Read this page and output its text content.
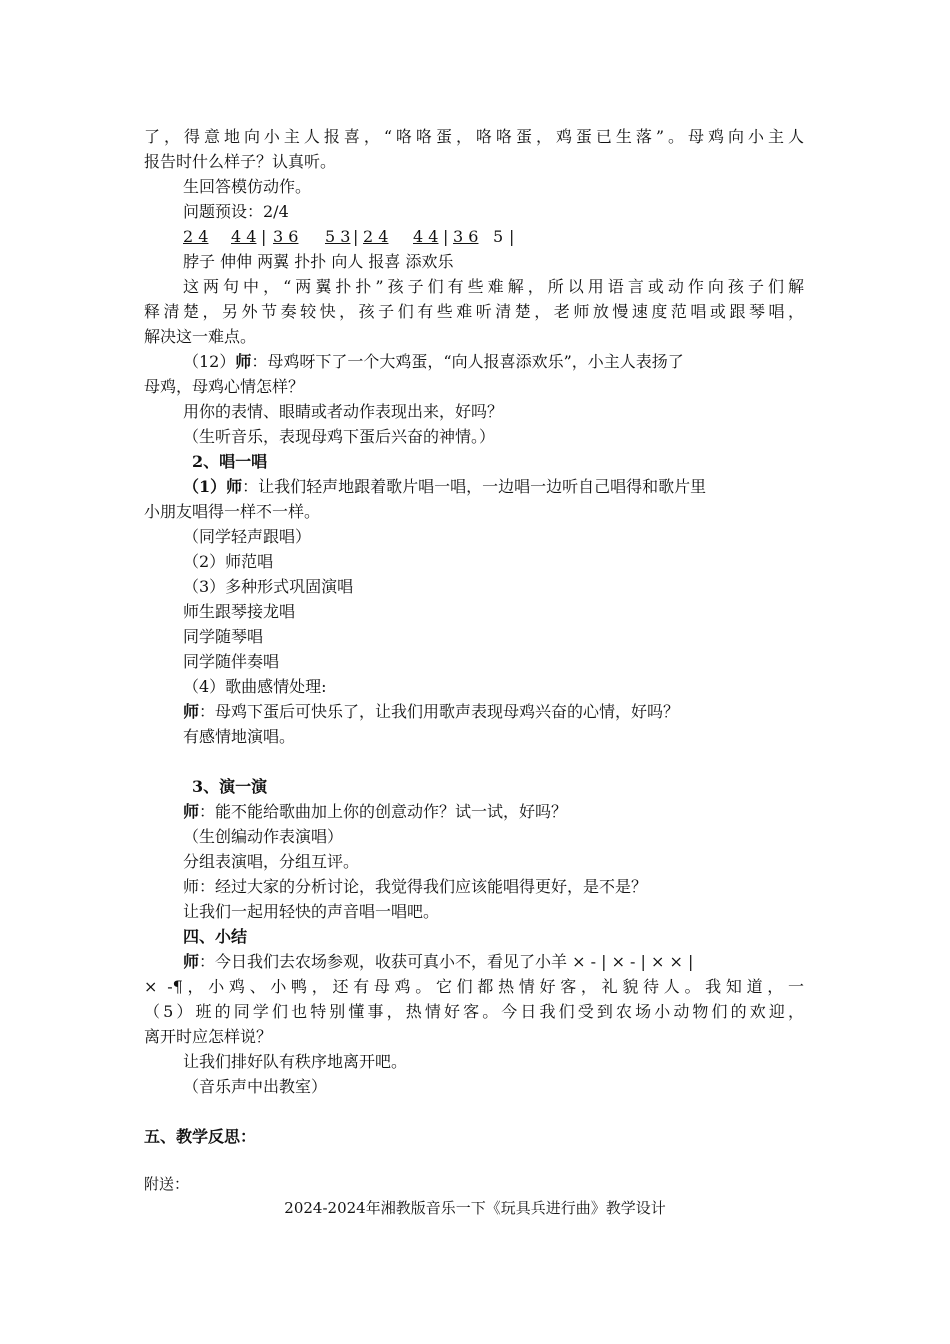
了，得意地向小主人报喜，“咯咯蛋，咯咯蛋，鸡蛋已生落”。母鸡向小主人
报告时什么样子？认真听。
生回答模仿动作。
问题预设：2/4
2 4 4 4 | 3 6 5 3 | 2 4 4 4 | 3 6 5 |
脖子 伸伸 两翼 扑扑 向人 报喜 添欢乐
这两句中，“两翼扑扑”孩子们有些难解，所以用语言或动作向孩子们解
释清楚，另外节奏较快，孩子们有些难听清楚，老师放慢速度范唱或跟琴唱，
解决这一难点。
（12）师：母鸡呀下了一个大鸡蛋，“向人报喜添欢乐”，小主人表扬了
母鸡，母鸡心情怎样？
用你的表情、眼睛或者动作表现出来，好吗？
（生听音乐，表现母鸡下蛋后兴奋的神情。）
2、唱一唱
（1）师：让我们轻声地跟着歌片唱一唱，一边唱一边听自己唱得和歌片里
小朋友唱得一样不一样。
（同学轻声跟唱）
（2）师范唱
（3）多种形式巩固演唱
师生跟琴接龙唱
同学随琴唱
同学随伴奏唱
（4）歌曲感情处理:
师：母鸡下蛋后可快乐了，让我们用歌声表现母鸡兴奋的心情，好吗？
有感情地演唱。
3、演一演
师：能不能给歌曲加上你的创意动作？试一试，好吗？
（生创编动作表演唱）
分组表演唱，分组互评。
师：经过大家的分析讨论，我觉得我们应该能唱得更好，是不是？
让我们一起用轻快的声音唱一唱吧。
四、小结
师：今日我们去农场参观，收获可真小不，看见了小羊 × - | × - | × × |
× -¶，小鸡、小鸭，还有母鸡。它们都热情好客，礼貌待人。我知道，一
（5）班的同学们也特别懂事，热情好客。今日我们受到农场小动物们的欢迎，
离开时应怎样说？
让我们排好队有秩序地离开吧。
（音乐声中出教室）
五、教学反思：
附送：
2024-2024年湘教版音乐一下《玩具兵进行曲》教学设计
